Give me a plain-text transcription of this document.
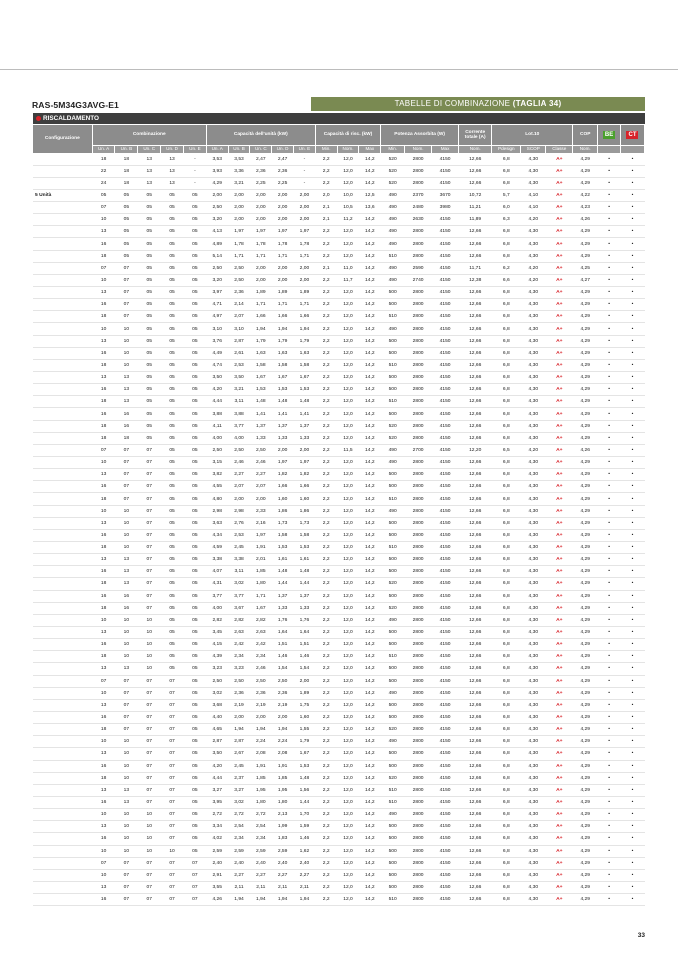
RAS-5M34G3AVG-E1	TABELLE DI COMBINAZIONE (TAGLIA 34)
RISCALDAMENTO
Configurazione	Combinazione					Capacità dell'unità (kW)					Capacità di risc. (kW)			Potenza Assorbita (W)			Corrente totale (A)	Lot.10			COP	BE	CT
	Un. A	Un. B	Un. C	Un. D	Un. E	Un. A	Un. B	Un. C	Un. D	Un. E	Min.	Nom.	Max	Min.	Nom.	Max	Nom.	Pdesign	SCOP	Classe	Nom.		
	18	18	13	13	-	3,53	3,53	2,47	2,47	-	2,2	12,0	14,2	520	2800	4150	12,66	6,8	4,30	A+	4,29	•	•
	22	18	13	13	-	3,93	3,36	2,36	2,36	-	2,2	12,0	14,2	520	2800	4150	12,66	6,8	4,30	A+	4,29	•	•
	24	18	13	13	-	4,29	3,21	2,25	2,25	-	2,2	12,0	14,2	520	2800	4150	12,66	6,8	4,30	A+	4,29	•	•
5 Unità	05	05	05	05	05	2,00	2,00	2,00	2,00	2,00	2,0	10,0	12,5	490	2370	3670	10,72	5,7	4,10	A+	4,22	•	•
	07	05	05	05	05	2,50	2,00	2,00	2,00	2,00	2,1	10,5	13,6	490	2480	3980	11,21	6,0	4,10	A+	4,23	•	•
	10	05	05	05	05	3,20	2,00	2,00	2,00	2,00	2,1	11,2	14,2	490	2630	4150	11,89	6,3	4,20	A+	4,26	•	•
	13	05	05	05	05	4,13	1,97	1,97	1,97	1,97	2,2	12,0	14,2	490	2800	4150	12,66	6,8	4,30	A+	4,29	•	•
	16	05	05	05	05	4,89	1,78	1,78	1,78	1,78	2,2	12,0	14,2	490	2800	4150	12,66	6,8	4,30	A+	4,29	•	•
	18	05	05	05	05	5,14	1,71	1,71	1,71	1,71	2,2	12,0	14,2	510	2800	4150	12,66	6,8	4,30	A+	4,29	•	•
	07	07	05	05	05	2,50	2,50	2,00	2,00	2,00	2,1	11,0	14,2	490	2590	4150	11,71	6,2	4,20	A+	4,25	•	•
	10	07	05	05	05	3,20	2,50	2,00	2,00	2,00	2,2	11,7	14,2	490	2740	4150	12,38	6,6	4,20	A+	4,27	•	•
	13	07	05	05	05	3,97	2,36	1,89	1,89	1,89	2,2	12,0	14,2	500	2800	4150	12,66	6,8	4,30	A+	4,29	•	•
	16	07	05	05	05	4,71	2,14	1,71	1,71	1,71	2,2	12,0	14,2	500	2800	4150	12,66	6,8	4,30	A+	4,29	•	•
	18	07	05	05	05	4,97	2,07	1,66	1,66	1,66	2,2	12,0	14,2	510	2800	4150	12,66	6,8	4,30	A+	4,29	•	•
	10	10	05	05	05	3,10	3,10	1,94	1,94	1,94	2,2	12,0	14,2	490	2800	4150	12,66	6,8	4,30	A+	4,29	•	•
	13	10	05	05	05	3,76	2,87	1,79	1,79	1,79	2,2	12,0	14,2	500	2800	4150	12,66	6,8	4,30	A+	4,29	•	•
	16	10	05	05	05	4,49	2,61	1,63	1,63	1,63	2,2	12,0	14,2	500	2800	4150	12,66	6,8	4,30	A+	4,29	•	•
	18	10	05	05	05	4,74	2,53	1,58	1,58	1,58	2,2	12,0	14,2	510	2800	4150	12,66	6,8	4,30	A+	4,29	•	•
	13	13	05	05	05	3,50	3,50	1,67	1,67	1,67	2,2	12,0	14,2	500	2800	4150	12,66	6,8	4,30	A+	4,29	•	•
	16	13	05	05	05	4,20	3,21	1,53	1,53	1,53	2,2	12,0	14,2	500	2800	4150	12,66	6,8	4,30	A+	4,29	•	•
	18	13	05	05	05	4,44	3,11	1,48	1,48	1,48	2,2	12,0	14,2	510	2800	4150	12,66	6,8	4,30	A+	4,29	•	•
	16	16	05	05	05	3,88	3,88	1,41	1,41	1,41	2,2	12,0	14,2	500	2800	4150	12,66	6,8	4,30	A+	4,29	•	•
	18	16	05	05	05	4,11	3,77	1,37	1,37	1,37	2,2	12,0	14,2	520	2800	4150	12,66	6,8	4,30	A+	4,29	•	•
	18	18	05	05	05	4,00	4,00	1,33	1,33	1,33	2,2	12,0	14,2	520	2800	4150	12,66	6,8	4,30	A+	4,29	•	•
	07	07	07	05	05	2,50	2,50	2,50	2,00	2,00	2,2	11,5	14,2	490	2700	4150	12,20	6,5	4,20	A+	4,26	•	•
	10	07	07	05	05	3,15	2,46	2,46	1,97	1,97	2,2	12,0	14,2	490	2800	4150	12,66	6,8	4,30	A+	4,29	•	•
	13	07	07	05	05	3,82	2,27	2,27	1,82	1,82	2,2	12,0	14,2	500	2800	4150	12,66	6,8	4,30	A+	4,29	•	•
	16	07	07	05	05	4,55	2,07	2,07	1,66	1,66	2,2	12,0	14,2	500	2800	4150	12,66	6,8	4,30	A+	4,29	•	•
	18	07	07	05	05	4,80	2,00	2,00	1,60	1,60	2,2	12,0	14,2	510	2800	4150	12,66	6,8	4,30	A+	4,29	•	•
	10	10	07	05	05	2,98	2,98	2,33	1,86	1,86	2,2	12,0	14,2	490	2800	4150	12,66	6,8	4,30	A+	4,29	•	•
	13	10	07	05	05	3,63	2,76	2,16	1,73	1,73	2,2	12,0	14,2	500	2800	4150	12,66	6,8	4,30	A+	4,29	•	•
	16	10	07	05	05	4,34	2,53	1,97	1,58	1,58	2,2	12,0	14,2	500	2800	4150	12,66	6,8	4,30	A+	4,29	•	•
	18	10	07	05	05	4,59	2,45	1,91	1,53	1,53	2,2	12,0	14,2	510	2800	4150	12,66	6,8	4,30	A+	4,29	•	•
	13	13	07	05	05	3,38	3,38	2,01	1,61	1,61	2,2	12,0	14,2	500	2800	4150	12,66	6,8	4,30	A+	4,29	•	•
	16	13	07	05	05	4,07	3,11	1,85	1,48	1,48	2,2	12,0	14,2	500	2800	4150	12,66	6,8	4,30	A+	4,29	•	•
	18	13	07	05	05	4,31	3,02	1,80	1,44	1,44	2,2	12,0	14,2	520	2800	4150	12,66	6,8	4,30	A+	4,29	•	•
	16	16	07	05	05	3,77	3,77	1,71	1,37	1,37	2,2	12,0	14,2	500	2800	4150	12,66	6,8	4,30	A+	4,29	•	•
	18	16	07	05	05	4,00	3,67	1,67	1,33	1,33	2,2	12,0	14,2	520	2800	4150	12,66	6,8	4,30	A+	4,29	•	•
	10	10	10	05	05	2,82	2,82	2,82	1,76	1,76	2,2	12,0	14,2	490	2800	4150	12,66	6,8	4,30	A+	4,29	•	•
	13	10	10	05	05	3,45	2,63	2,63	1,64	1,64	2,2	12,0	14,2	500	2800	4150	12,66	6,8	4,30	A+	4,29	•	•
	16	10	10	05	05	4,15	2,42	2,42	1,51	1,51	2,2	12,0	14,2	500	2800	4150	12,66	6,8	4,30	A+	4,29	•	•
	18	10	10	05	05	4,39	2,34	2,34	1,46	1,46	2,2	12,0	14,2	510	2800	4150	12,66	6,8	4,30	A+	4,29	•	•
	13	13	10	05	05	3,23	3,23	2,46	1,54	1,54	2,2	12,0	14,2	500	2800	4150	12,66	6,8	4,30	A+	4,29	•	•
	07	07	07	07	05	2,50	2,50	2,50	2,50	2,00	2,2	12,0	14,2	500	2800	4150	12,66	6,8	4,30	A+	4,29	•	•
	10	07	07	07	05	3,02	2,36	2,36	2,36	1,89	2,2	12,0	14,2	490	2800	4150	12,66	6,8	4,30	A+	4,29	•	•
	13	07	07	07	05	3,68	2,19	2,19	2,19	1,75	2,2	12,0	14,2	500	2800	4150	12,66	6,8	4,30	A+	4,29	•	•
	16	07	07	07	05	4,40	2,00	2,00	2,00	1,60	2,2	12,0	14,2	500	2800	4150	12,66	6,8	4,30	A+	4,29	•	•
	18	07	07	07	05	4,65	1,94	1,94	1,94	1,55	2,2	12,0	14,2	520	2800	4150	12,66	6,8	4,30	A+	4,29	•	•
	10	10	07	07	05	2,87	2,87	2,24	2,24	1,79	2,2	12,0	14,2	490	2800	4150	12,66	6,8	4,30	A+	4,29	•	•
	13	10	07	07	05	3,50	2,67	2,08	2,08	1,67	2,2	12,0	14,2	500	2800	4150	12,66	6,8	4,30	A+	4,29	•	•
	16	10	07	07	05	4,20	2,45	1,91	1,91	1,53	2,2	12,0	14,2	500	2800	4150	12,66	6,8	4,30	A+	4,29	•	•
	18	10	07	07	05	4,44	2,37	1,85	1,85	1,48	2,2	12,0	14,2	520	2800	4150	12,66	6,8	4,30	A+	4,29	•	•
	13	13	07	07	05	3,27	3,27	1,95	1,95	1,56	2,2	12,0	14,2	510	2800	4150	12,66	6,8	4,30	A+	4,29	•	•
	16	13	07	07	05	3,95	3,02	1,80	1,80	1,44	2,2	12,0	14,2	510	2800	4150	12,66	6,8	4,30	A+	4,29	•	•
	10	10	10	07	05	2,72	2,72	2,72	2,13	1,70	2,2	12,0	14,2	490	2800	4150	12,66	6,8	4,30	A+	4,29	•	•
	13	10	10	07	05	3,34	2,54	2,54	1,99	1,59	2,2	12,0	14,2	500	2800	4150	12,66	6,8	4,30	A+	4,29	•	•
	16	10	10	07	05	4,02	2,34	2,34	1,83	1,46	2,2	12,0	14,2	500	2800	4150	12,66	6,8	4,30	A+	4,29	•	•
	10	10	10	10	05	2,59	2,59	2,59	2,59	1,62	2,2	12,0	14,2	500	2800	4150	12,66	6,8	4,30	A+	4,29	•	•
	07	07	07	07	07	2,40	2,40	2,40	2,40	2,40	2,2	12,0	14,2	500	2800	4150	12,66	6,8	4,30	A+	4,29	•	•
	10	07	07	07	07	2,91	2,27	2,27	2,27	2,27	2,2	12,0	14,2	500	2800	4150	12,66	6,8	4,30	A+	4,29	•	•
	13	07	07	07	07	3,55	2,11	2,11	2,11	2,11	2,2	12,0	14,2	500	2800	4150	12,66	6,8	4,30	A+	4,29	•	•
	16	07	07	07	07	4,26	1,94	1,94	1,94	1,94	2,2	12,0	14,2	510	2800	4150	12,66	6,8	4,30	A+	4,29	•	•
33
